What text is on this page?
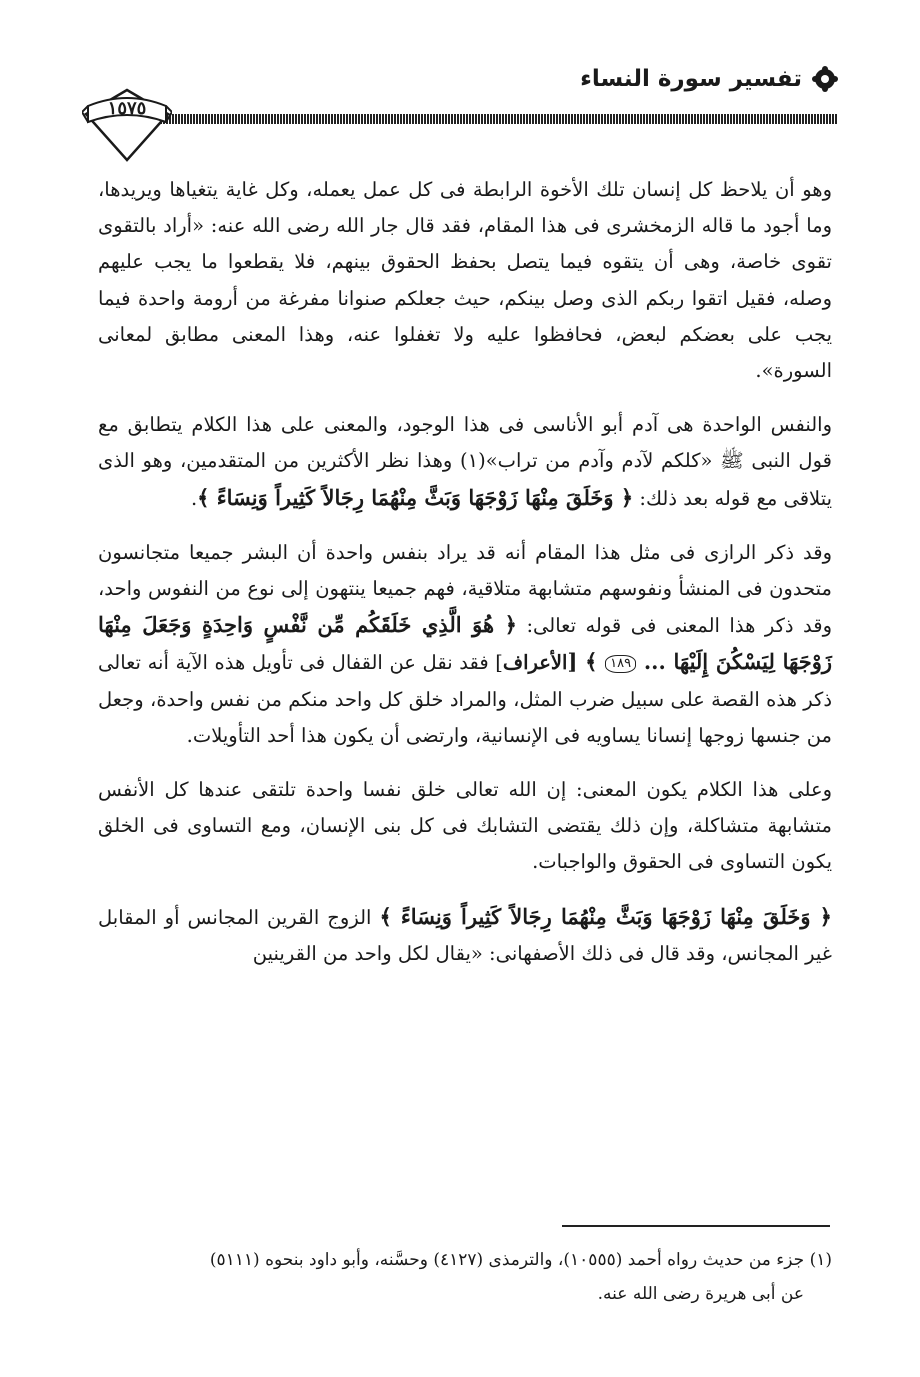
تفسير سورة النساء
١٥٧٥

وهو أن يلاحظ كل إنسان تلك الأخوة الرابطة فى كل عمل يعمله، وكل غاية يتغياها ويريدها، وما أجود ما قاله الزمخشرى فى هذا المقام، فقد قال جار الله رضى الله عنه: «أراد بالتقوى تقوى خاصة، وهى أن يتقوه فيما يتصل بحفظ الحقوق بينهم، فلا يقطعوا ما يجب عليهم وصله، فقيل اتقوا ربكم الذى وصل بينكم، حيث جعلكم صنوانا مفرغة من أرومة واحدة فيما يجب على بعضكم لبعض، فحافظوا عليه ولا تغفلوا عنه، وهذا المعنى مطابق لمعانى السورة».

والنفس الواحدة هى آدم أبو الأناسى فى هذا الوجود، والمعنى على هذا الكلام يتطابق مع قول النبى ﷺ «كلكم لآدم وآدم من تراب»(١) وهذا نظر الأكثرين من المتقدمين، وهو الذى يتلاقى مع قوله بعد ذلك: ﴿ وَخَلَقَ مِنْهَا زَوْجَهَا وَبَثَّ مِنْهُمَا رِجَالاً كَثِيراً وَنِسَاءً ﴾.

وقد ذكر الرازى فى مثل هذا المقام أنه قد يراد بنفس واحدة أن البشر جميعا متجانسون متحدون فى المنشأ ونفوسهم متشابهة متلاقية، فهم جميعا ينتهون إلى نوع من النفوس واحد، وقد ذكر هذا المعنى فى قوله تعالى: ﴿ هُوَ الَّذِي خَلَقَكُم مِّن نَّفْسٍ وَاحِدَةٍ وَجَعَلَ مِنْهَا زَوْجَهَا لِيَسْكُنَ إِلَيْهَا ... ١٨٩ ﴾ [الأعراف] فقد نقل عن القفال فى تأويل هذه الآية أنه تعالى ذكر هذه القصة على سبيل ضرب المثل، والمراد خلق كل واحد منكم من نفس واحدة، وجعل من جنسها زوجها إنسانا يساويه فى الإنسانية، وارتضى أن يكون هذا أحد التأويلات.

وعلى هذا الكلام يكون المعنى: إن الله تعالى خلق نفسا واحدة تلتقى عندها كل الأنفس متشابهة متشاكلة، وإن ذلك يقتضى التشابك فى كل بنى الإنسان، ومع التساوى فى الخلق يكون التساوى فى الحقوق والواجبات.

﴿ وَخَلَقَ مِنْهَا زَوْجَهَا وَبَثَّ مِنْهُمَا رِجَالاً كَثِيراً وَنِسَاءً ﴾ الزوج القرين المجانس أو المقابل غير المجانس، وقد قال فى ذلك الأصفهانى: «يقال لكل واحد من القرينين

(١) جزء من حديث رواه أحمد (١٠٥٥٥)، والترمذى (٤١٢٧) وحسَّنه، وأبو داود بنحوه (٥١١١)

عن أبى هريرة رضى الله عنه.
